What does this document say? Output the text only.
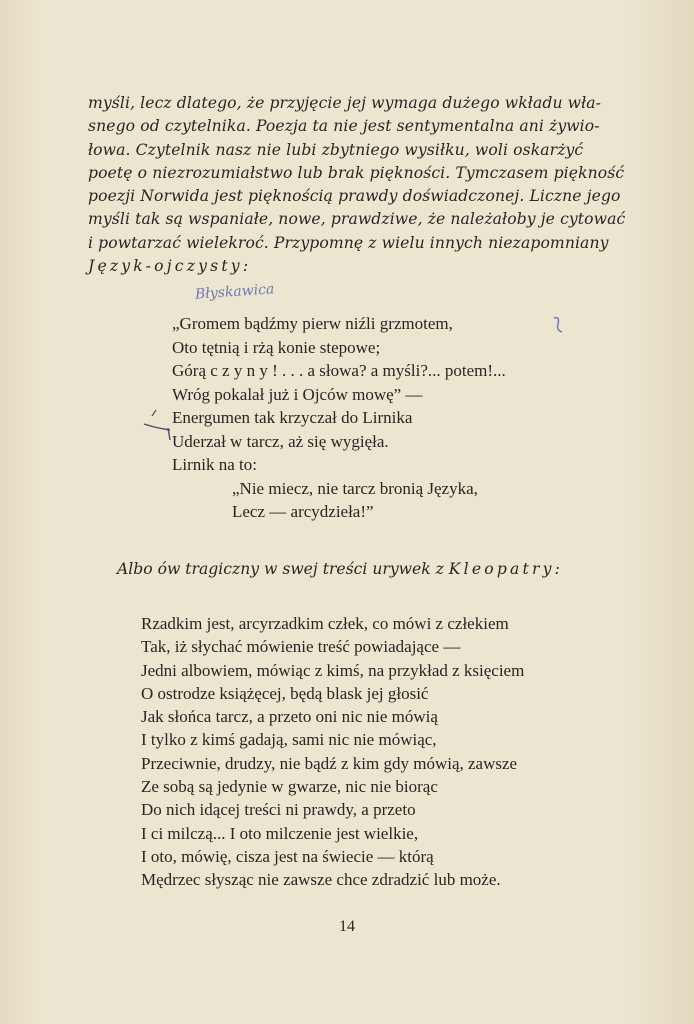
myśli, lecz dlatego, że przyjęcie jej wymaga dużego wkładu wła-
snego od czytelnika. Poezja ta nie jest sentymentalna ani żywio-
łowa. Czytelnik nasz nie lubi zbytniego wysiłku, woli oskarżyć
poetę o niezrozumiałstwo lub brak piękności. Tymczasem piękność
poezji Norwida jest pięknością prawdy doświadczonej. Liczne jego
myśli tak są wspaniałe, nowe, prawdziwe, że należałoby je cytować
i powtarzać wielekroć. Przypomnę z wielu innych niezapomniany
Język-ojczysty:
Błyskawica
„Gromem bądźmy pierw niźli grzmotem,
Oto tętnią i rżą konie stepowe;
Górą c z y n y ! . . . a słowa? a myśli?... potem!...
Wróg pokalał już i Ojców mowę” —
Energumen tak krzyczał do Lirnika
Uderzał w tarcz, aż się wygięła.
Lirnik na to:
„Nie miecz, nie tarcz bronią Języka,
Lecz — arcydzieła!”
Albo ów tragiczny w swej treści urywek z Kleopatry:
Rzadkim jest, arcyrzadkim człek, co mówi z człekiem
Tak, iż słychać mówienie treść powiadające —
Jedni albowiem, mówiąc z kimś, na przykład z księciem
O ostrodze książęcej, będą blask jej głosić
Jak słońca tarcz, a przeto oni nic nie mówią
I tylko z kimś gadają, sami nic nie mówiąc,
Przeciwnie, drudzy, nie bądź z kim gdy mówią, zawsze
Ze sobą są jedynie w gwarze, nic nie biorąc
Do nich idącej treści ni prawdy, a przeto
I ci milczą... I oto milczenie jest wielkie,
I oto, mówię, cisza jest na świecie — którą
Mędrzec słysząc nie zawsze chce zdradzić lub może.
14
